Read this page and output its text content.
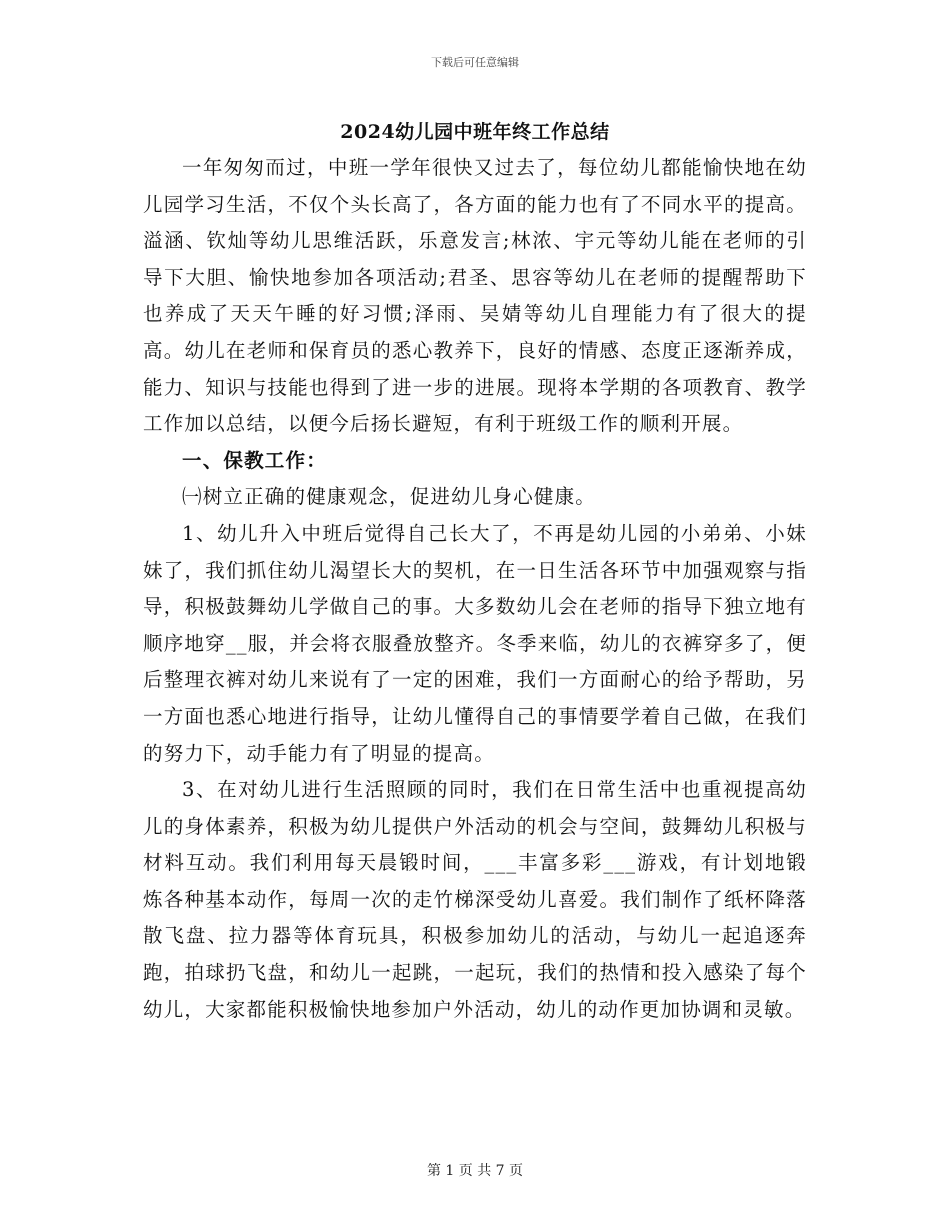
下载后可任意编辑
2024幼儿园中班年终工作总结

一年匆匆而过，中班一学年很快又过去了，每位幼儿都能愉快地在幼儿园学习生活，不仅个头长高了，各方面的能力也有了不同水平的提高。溢涵、钦灿等幼儿思维活跃，乐意发言;林浓、宇元等幼儿能在老师的引导下大胆、愉快地参加各项活动;君圣、思容等幼儿在老师的提醒帮助下也养成了天天午睡的好习惯;泽雨、吴婧等幼儿自理能力有了很大的提高。幼儿在老师和保育员的悉心教养下，良好的情感、态度正逐渐养成，能力、知识与技能也得到了进一步的进展。现将本学期的各项教育、教学工作加以总结，以便今后扬长避短，有利于班级工作的顺利开展。

一、保教工作：

㈠树立正确的健康观念，促进幼儿身心健康。

1、幼儿升入中班后觉得自己长大了，不再是幼儿园的小弟弟、小妹妹了，我们抓住幼儿渴望长大的契机，在一日生活各环节中加强观察与指导，积极鼓舞幼儿学做自己的事。大多数幼儿会在老师的指导下独立地有顺序地穿__服，并会将衣服叠放整齐。冬季来临，幼儿的衣裤穿多了，便后整理衣裤对幼儿来说有了一定的困难，我们一方面耐心的给予帮助，另一方面也悉心地进行指导，让幼儿懂得自己的事情要学着自己做，在我们的努力下，动手能力有了明显的提高。

3、在对幼儿进行生活照顾的同时，我们在日常生活中也重视提高幼儿的身体素养，积极为幼儿提供户外活动的机会与空间，鼓舞幼儿积极与材料互动。我们利用每天晨锻时间，___丰富多彩___游戏，有计划地锻炼各种基本动作，每周一次的走竹梯深受幼儿喜爱。我们制作了纸杯降落散飞盘、拉力器等体育玩具，积极参加幼儿的活动，与幼儿一起追逐奔跑，拍球扔飞盘，和幼儿一起跳，一起玩，我们的热情和投入感染了每个幼儿，大家都能积极愉快地参加户外活动，幼儿的动作更加协调和灵敏。

第 1 页 共 7 页
